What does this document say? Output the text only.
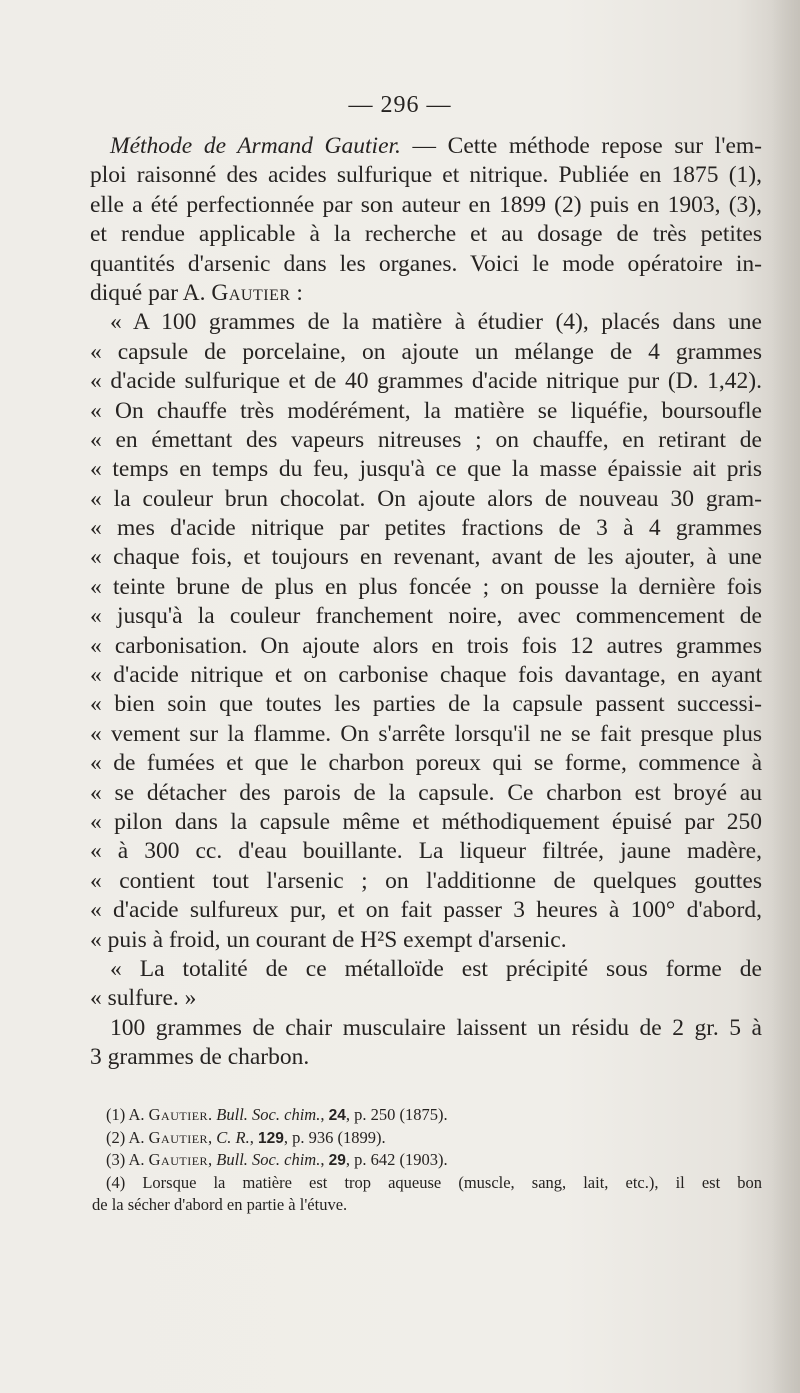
— 296 —
Méthode de Armand Gautier. — Cette méthode repose sur l'em-
ploi raisonné des acides sulfurique et nitrique. Publiée en 1875 (1),
elle a été perfectionnée par son auteur en 1899 (2) puis en 1903, (3),
et rendue applicable à la recherche et au dosage de très petites
quantités d'arsenic dans les organes. Voici le mode opératoire in-
diqué par A. Gautier :
« A 100 grammes de la matière à étudier (4), placés dans une
« capsule de porcelaine, on ajoute un mélange de 4 grammes
« d'acide sulfurique et de 40 grammes d'acide nitrique pur (D. 1,42).
« On chauffe très modérément, la matière se liquéfie, boursoufle
« en émettant des vapeurs nitreuses ; on chauffe, en retirant de
« temps en temps du feu, jusqu'à ce que la masse épaissie ait pris
« la couleur brun chocolat. On ajoute alors de nouveau 30 gram-
« mes d'acide nitrique par petites fractions de 3 à 4 grammes
« chaque fois, et toujours en revenant, avant de les ajouter, à une
« teinte brune de plus en plus foncée ; on pousse la dernière fois
« jusqu'à la couleur franchement noire, avec commencement de
« carbonisation. On ajoute alors en trois fois 12 autres grammes
« d'acide nitrique et on carbonise chaque fois davantage, en ayant
« bien soin que toutes les parties de la capsule passent successi-
« vement sur la flamme. On s'arrête lorsqu'il ne se fait presque plus
« de fumées et que le charbon poreux qui se forme, commence à
« se détacher des parois de la capsule. Ce charbon est broyé au
« pilon dans la capsule même et méthodiquement épuisé par 250
« à 300 cc. d'eau bouillante. La liqueur filtrée, jaune madère,
« contient tout l'arsenic ; on l'additionne de quelques gouttes
« d'acide sulfureux pur, et on fait passer 3 heures à 100° d'abord,
« puis à froid, un courant de H²S exempt d'arsenic.
« La totalité de ce métalloïde est précipité sous forme de
« sulfure. »
100 grammes de chair musculaire laissent un résidu de 2 gr. 5 à
3 grammes de charbon.
(1) A. Gautier. Bull. Soc. chim., 24, p. 250 (1875).
(2) A. Gautier, C. R., 129, p. 936 (1899).
(3) A. Gautier, Bull. Soc. chim., 29, p. 642 (1903).
(4) Lorsque la matière est trop aqueuse (muscle, sang, lait, etc.), il est bon
de la sécher d'abord en partie à l'étuve.
